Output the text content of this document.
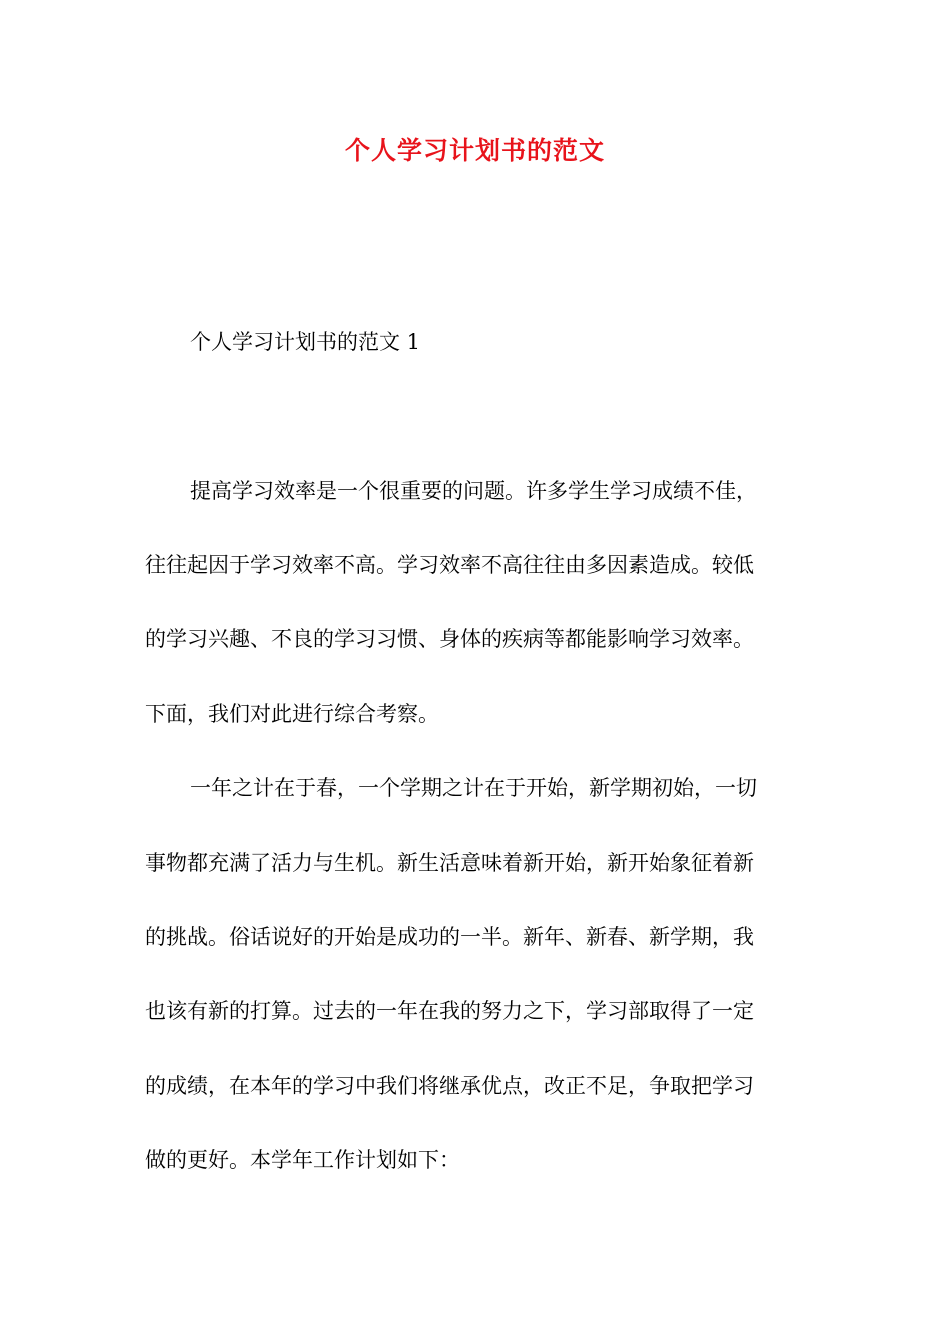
个人学习计划书的范文
个人学习计划书的范文 1
提高学习效率是一个很重要的问题。许多学生学习成绩不佳，
往往起因于学习效率不高。学习效率不高往往由多因素造成。较低
的学习兴趣、不良的学习习惯、身体的疾病等都能影响学习效率。
下面，我们对此进行综合考察。
一年之计在于春，一个学期之计在于开始，新学期初始，一切
事物都充满了活力与生机。新生活意味着新开始，新开始象征着新
的挑战。俗话说好的开始是成功的一半。新年、新春、新学期，我
也该有新的打算。过去的一年在我的努力之下，学习部取得了一定
的成绩，在本年的学习中我们将继承优点，改正不足，争取把学习
做的更好。本学年工作计划如下：
